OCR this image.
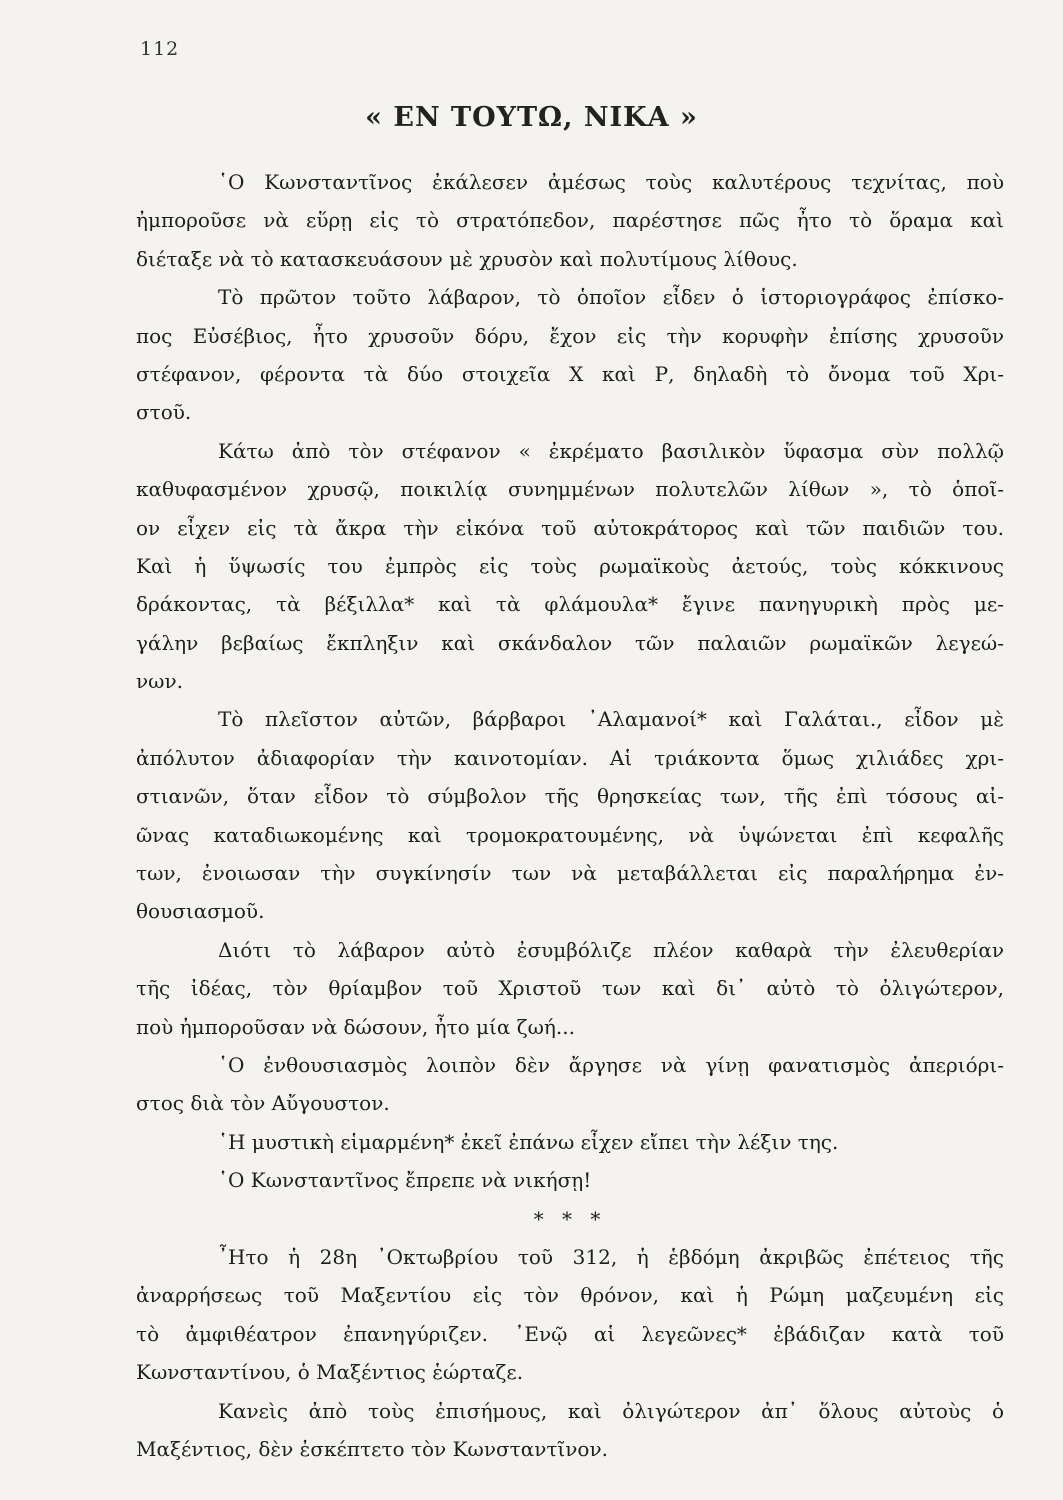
112
« ΕΝ ΤΟΥΤΩ, ΝΙΚΑ »
῾Ο Κωνσταντῖνος ἐκάλεσεν ἀμέσως τοὺς καλυτέρους τεχνίτας, ποὺ
ἠμποροῦσε νὰ εὕρῃ εἰς τὸ στρατόπεδον, παρέστησε πῶς ἦτο τὸ ὅραμα καὶ
διέταξε νὰ τὸ κατασκευάσουν μὲ χρυσὸν καὶ πολυτίμους λίθους.
Τὸ πρῶτον τοῦτο λάβαρον, τὸ ὁποῖον εἶδεν ὁ ἱστοριογράφος ἐπίσκο-
πος Εὐσέβιος, ἦτο χρυσοῦν δόρυ, ἔχον εἰς τὴν κορυφὴν ἐπίσης χρυσοῦν
στέφανον, φέροντα τὰ δύο στοιχεῖα Χ καὶ Ρ, δηλαδὴ τὸ ὄνομα τοῦ Χρι-
στοῦ.
Κάτω ἀπὸ τὸν στέφανον « ἐκρέματο βασιλικὸν ὕφασμα σὺν πολλῷ
καθυφασμένον χρυσῷ, ποικιλίᾳ συνημμένων πολυτελῶν λίθων », τὸ ὁποῖ-
ον εἶχεν εἰς τὰ ἄκρα τὴν εἰκόνα τοῦ αὐτοκράτορος καὶ τῶν παιδιῶν του.
Καὶ ἡ ὕψωσίς του ἐμπρὸς εἰς τοὺς ρωμαϊκοὺς ἀετούς, τοὺς κόκκινους
δράκοντας, τὰ βέξιλλα* καὶ τὰ φλάμουλα* ἔγινε πανηγυρικὴ πρὸς με-
γάλην βεβαίως ἔκπληξιν καὶ σκάνδαλον τῶν παλαιῶν ρωμαϊκῶν λεγεώ-
νων.
Τὸ πλεῖστον αὐτῶν, βάρβαροι ᾿Αλαμανοί* καὶ Γαλάται., εἶδον μὲ
ἀπόλυτον ἀδιαφορίαν τὴν καινοτομίαν. Αἱ τριάκοντα ὅμως χιλιάδες χρι-
στιανῶν, ὅταν εἶδον τὸ σύμβολον τῆς θρησκείας των, τῆς ἐπὶ τόσους αἰ-
ῶνας καταδιωκομένης καὶ τρομοκρατουμένης, νὰ ὑψώνεται ἐπὶ κεφαλῆς
των, ἐνοιωσαν τὴν συγκίνησίν των νὰ μεταβάλλεται εἰς παραλήρημα ἐν-
θουσιασμοῦ.
Διότι τὸ λάβαρον αὐτὸ ἐσυμβόλιζε πλέον καθαρὰ τὴν ἐλευθερίαν
τῆς ἰδέας, τὸν θρίαμβον τοῦ Χριστοῦ των καὶ δι᾿ αὐτὸ τὸ ὀλιγώτερον,
ποὺ ἠμποροῦσαν νὰ δώσουν, ἦτο μία ζωή...
῾Ο ἐνθουσιασμὸς λοιπὸν δὲν ἄργησε νὰ γίνῃ φανατισμὸς ἀπεριόρι-
στος διὰ τὸν Αὔγουστον.
῾Η μυστικὴ εἱμαρμένη* ἐκεῖ ἐπάνω εἶχεν εἴπει τὴν λέξιν της.
῾Ο Κωνσταντῖνος ἔπρεπε νὰ νικήσῃ!
* * *
῏Ητο ἡ 28η ᾿Οκτωβρίου τοῦ 312, ἡ ἑβδόμη ἀκριβῶς ἐπέτειος τῆς
ἀναρρήσεως τοῦ Μαξεντίου εἰς τὸν θρόνον, καὶ ἡ Ρώμη μαζευμένη εἰς
τὸ ἀμφιθέατρον ἐπανηγύριζεν. ᾿Ενῷ αἱ λεγεῶνες* ἐβάδιζαν κατὰ τοῦ
Κωνσταντίνου, ὁ Μαξέντιος ἑώρταζε.
Κανεὶς ἀπὸ τοὺς ἐπισήμους, καὶ ὀλιγώτερον ἀπ᾿ ὅλους αὐτοὺς ὁ
Μαξέντιος, δὲν ἐσκέπτετο τὸν Κωνσταντῖνον.
